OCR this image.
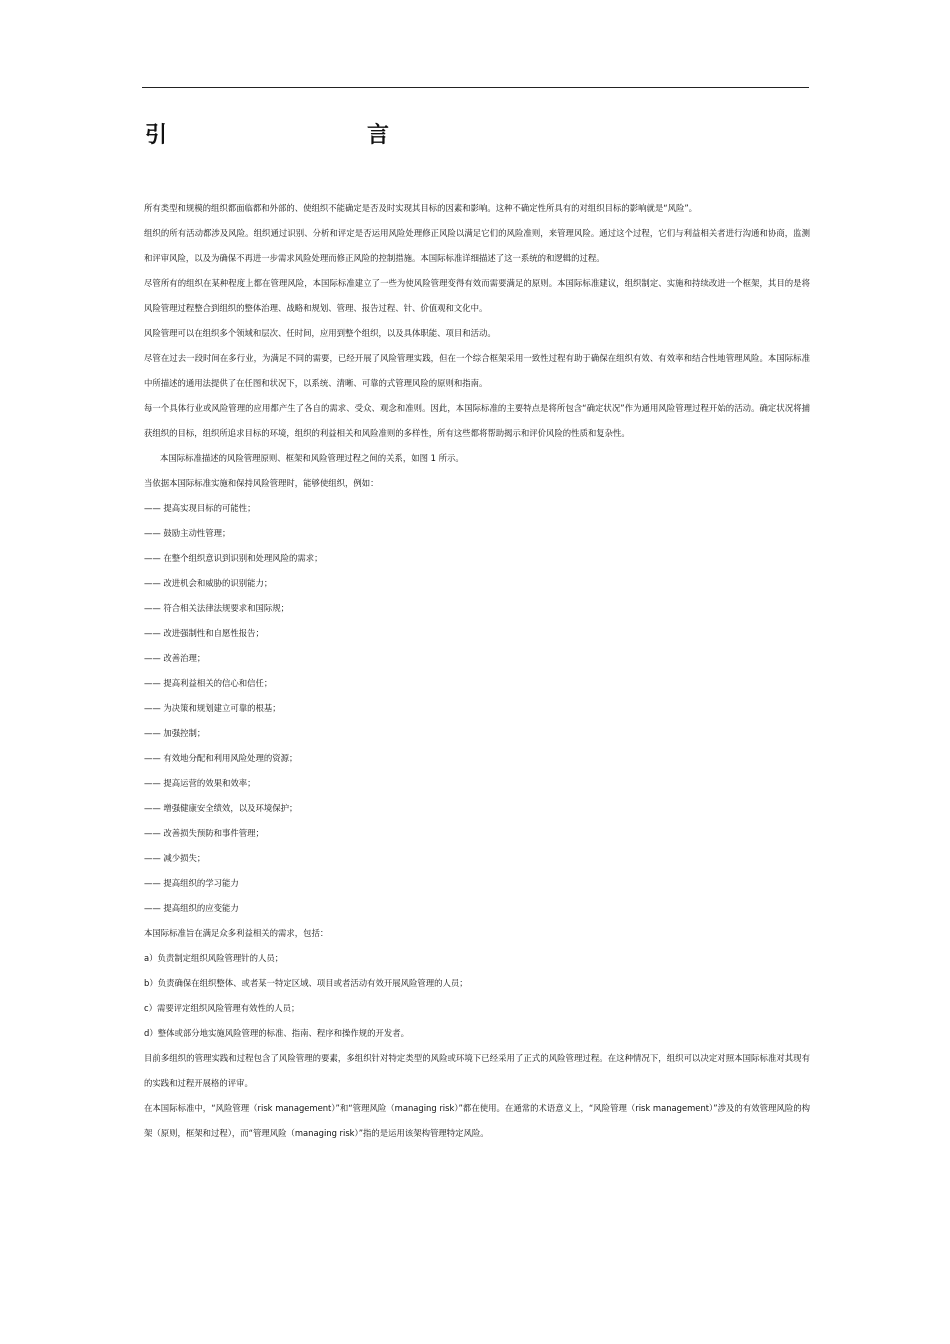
引　　言

所有类型和规模的组织都面临都和外部的、使组织不能确定是否及时实现其目标的因素和影响。这种不确定性所具有的对组织目标的影响就是“风险”。

组织的所有活动都涉及风险。组织通过识别、分析和评定是否运用风险处理修正风险以满足它们的风险准则，来管理风险。通过这个过程，它们与利益相关者进行沟通和协商，监测和评审风险，以及为确保不再进一步需求风险处理而修正风险的控制措施。本国际标准详细描述了这一系统的和逻辑的过程。

尽管所有的组织在某种程度上都在管理风险，本国际标准建立了一些为使风险管理变得有效而需要满足的原则。本国际标准建议，组织制定、实施和持续改进一个框架，其目的是将风险管理过程整合到组织的整体治理、战略和规划、管理、报告过程、针、价值观和文化中。

风险管理可以在组织多个领域和层次、任时间，应用到整个组织，以及具体职能、项目和活动。

尽管在过去一段时间在多行业，为满足不同的需要，已经开展了风险管理实践，但在一个综合框架采用一致性过程有助于确保在组织有效、有效率和结合性地管理风险。本国际标准中所描述的通用法提供了在任图和状况下，以系统、清晰、可靠的式管理风险的原则和指南。

每一个具体行业或风险管理的应用都产生了各自的需求、受众、观念和准则。因此，本国际标准的主要特点是将所包含“确定状况”作为通用风险管理过程开始的活动。确定状况将捕获组织的目标，组织所追求目标的环境，组织的利益相关和风险准则的多样性，所有这些都将帮助揭示和评价风险的性质和复杂性。

本国际标准描述的风险管理原则、框架和风险管理过程之间的关系，如图 1 所示。

当依据本国际标准实施和保持风险管理时，能够使组织，例如：

—— 提高实现目标的可能性；

—— 鼓励主动性管理；

—— 在整个组织意识到识别和处理风险的需求；

—— 改进机会和威胁的识别能力；

—— 符合相关法律法规要求和国际规；

—— 改进强制性和自愿性报告；

—— 改善治理；

—— 提高利益相关的信心和信任；

—— 为决策和规划建立可靠的根基；

—— 加强控制；

—— 有效地分配和利用风险处理的资源；

—— 提高运营的效果和效率；

—— 增强健康安全绩效，以及环境保护；

—— 改善损失预防和事件管理；

—— 减少损失；

—— 提高组织的学习能力

—— 提高组织的应变能力

本国际标准旨在满足众多利益相关的需求，包括：

a）负责制定组织风险管理针的人员；

b）负责确保在组织整体、或者某一特定区域、项目或者活动有效开展风险管理的人员；

c）需要评定组织风险管理有效性的人员；

d）整体或部分地实施风险管理的标准、指南、程序和操作规的开发者。

目前多组织的管理实践和过程包含了风险管理的要素，多组织针对特定类型的风险或环境下已经采用了正式的风险管理过程。在这种情况下，组织可以决定对照本国际标准对其现有的实践和过程开展格的评审。

在本国际标准中，“风险管理（risk management）”和“管理风险（managing risk）”都在使用。在通常的术语意义上，“风险管理（risk management）”涉及的有效管理风险的构架（原则，框架和过程），而“管理风险（managing risk）”指的是运用该架构管理特定风险。
